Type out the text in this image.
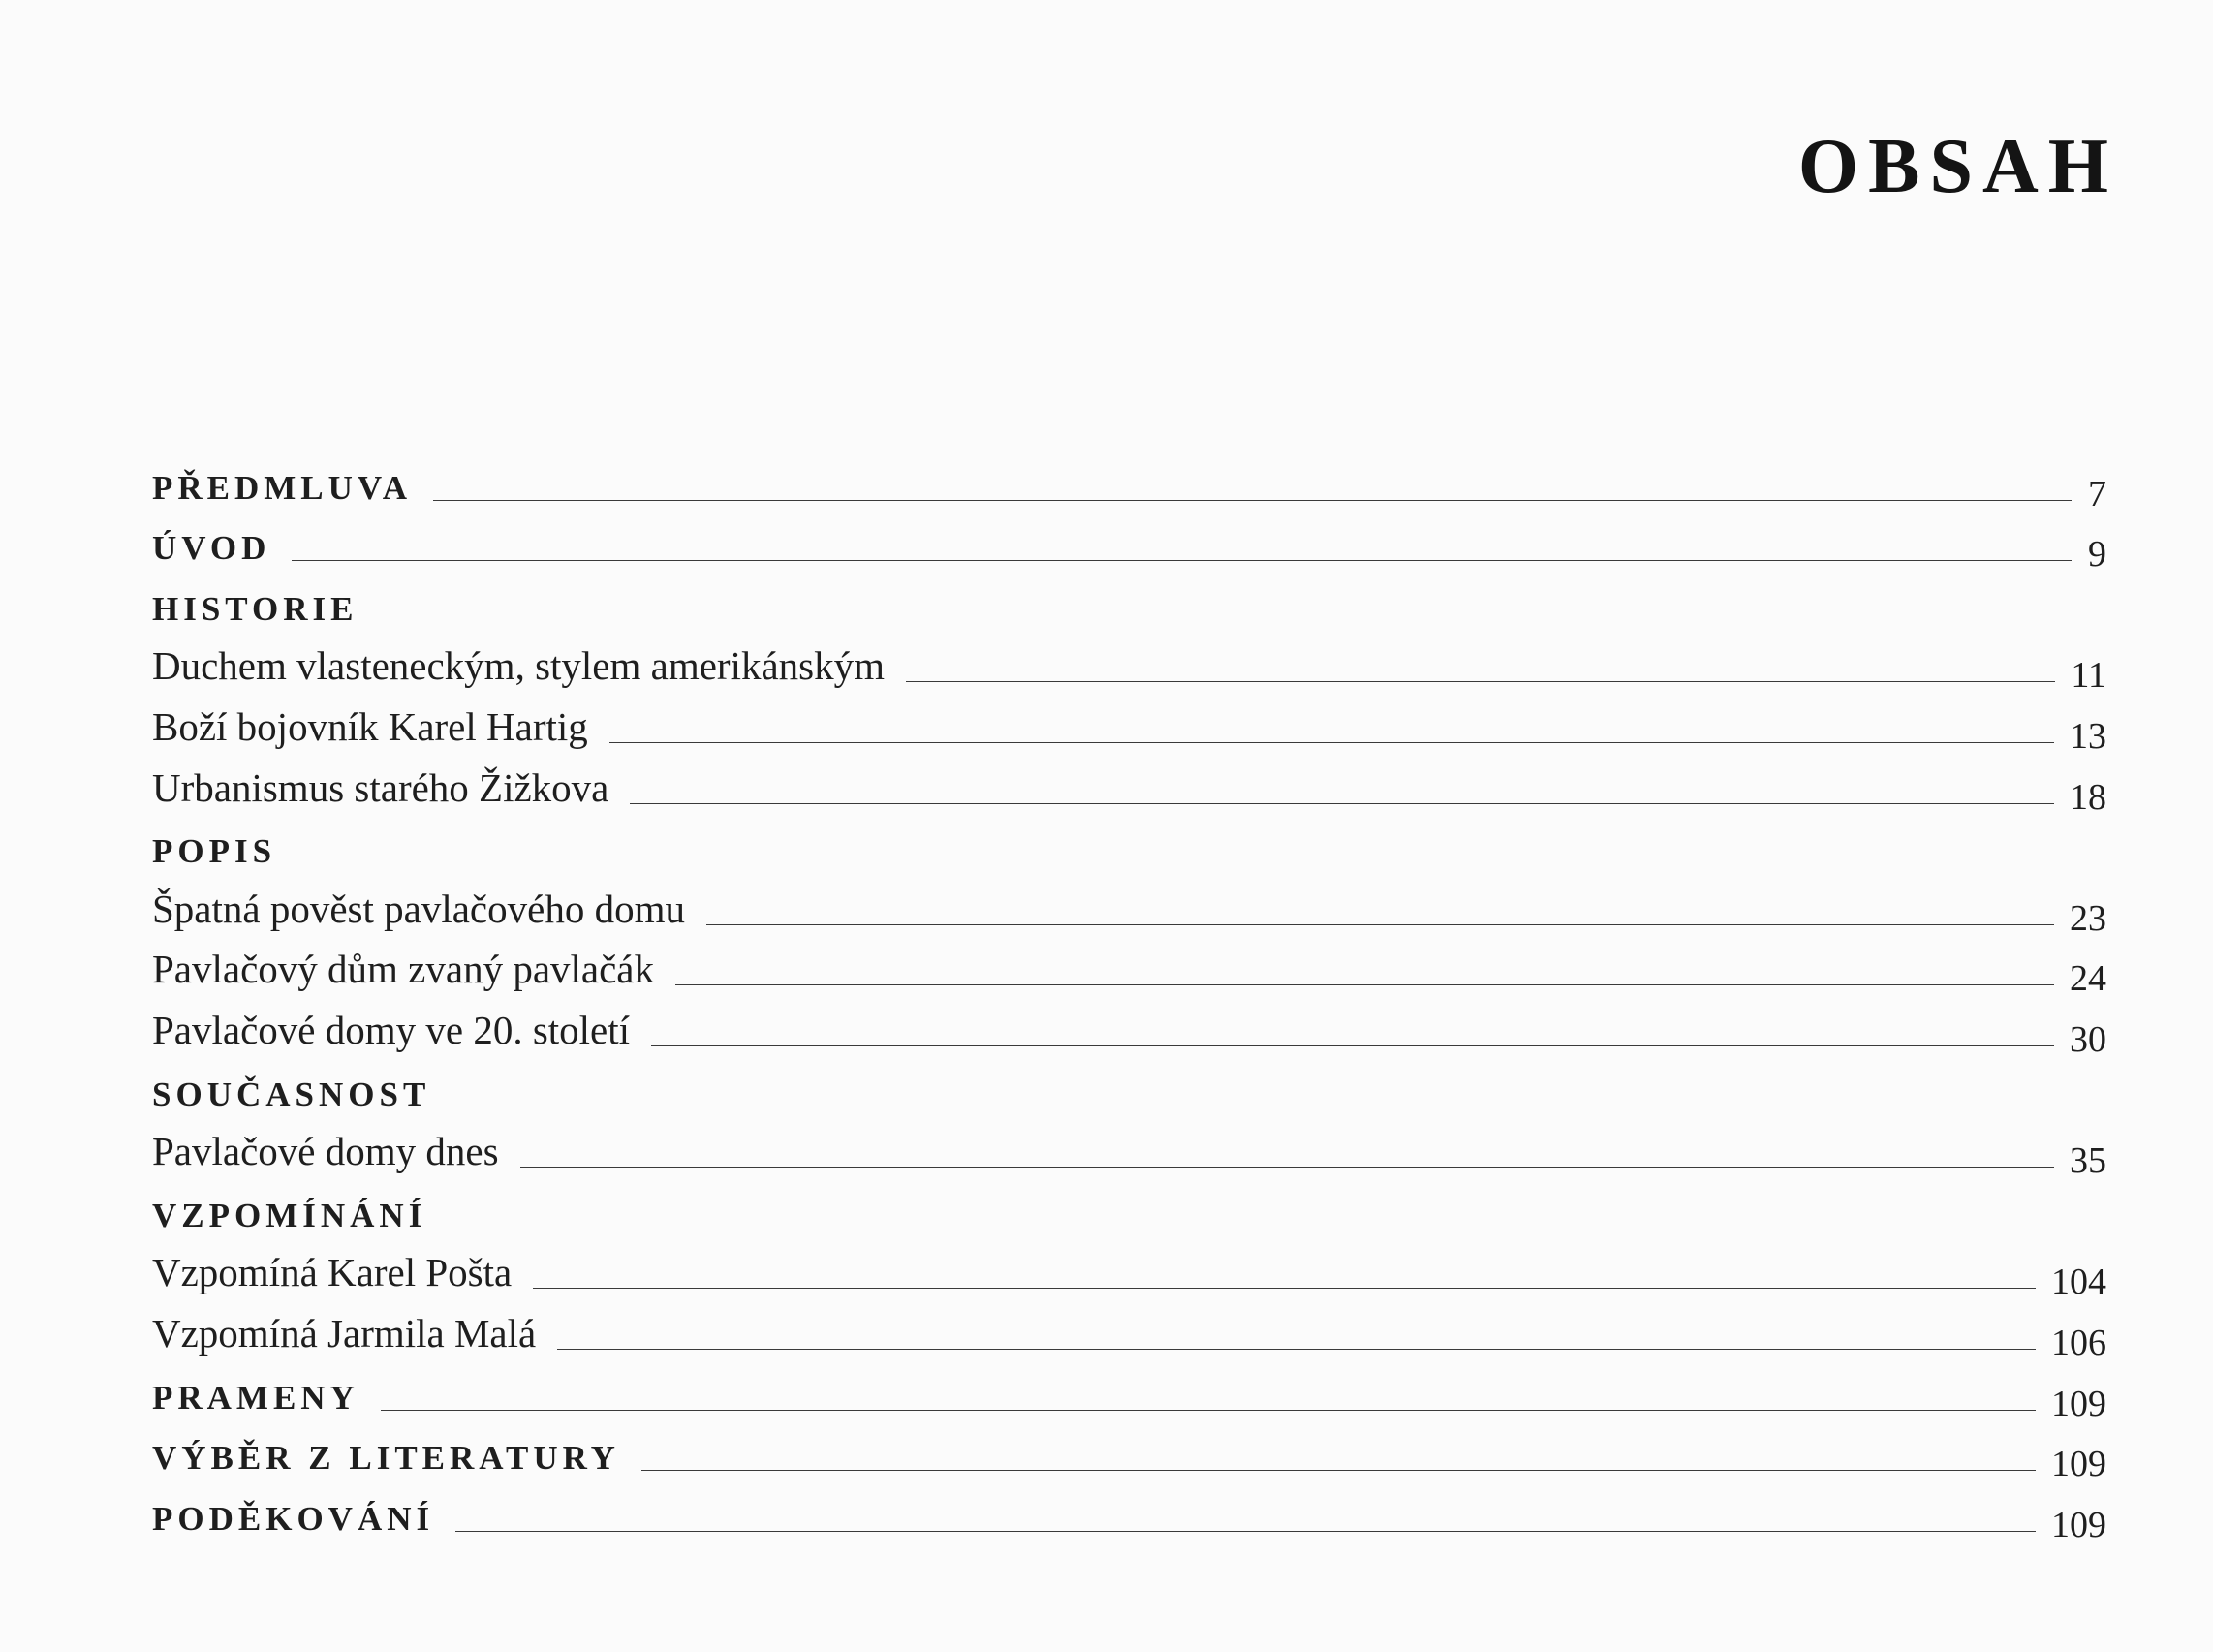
OBSAH
PŘEDMLUVA	7
ÚVOD	9
HISTORIE
Duchem vlasteneckým, stylem amerikánským	11
Boží bojovník Karel Hartig	13
Urbanismus starého Žižkova	18
POPIS
Špatná pověst pavlačového domu	23
Pavlačový dům zvaný pavlačák	24
Pavlačové domy ve 20. století	30
SOUČASNOST
Pavlačové domy dnes	35
VZPOMÍNÁNÍ
Vzpomíná Karel Pošta	104
Vzpomíná Jarmila Malá	106
PRAMENY	109
VÝBĚR Z LITERATURY	109
PODĚKOVÁNÍ	109
